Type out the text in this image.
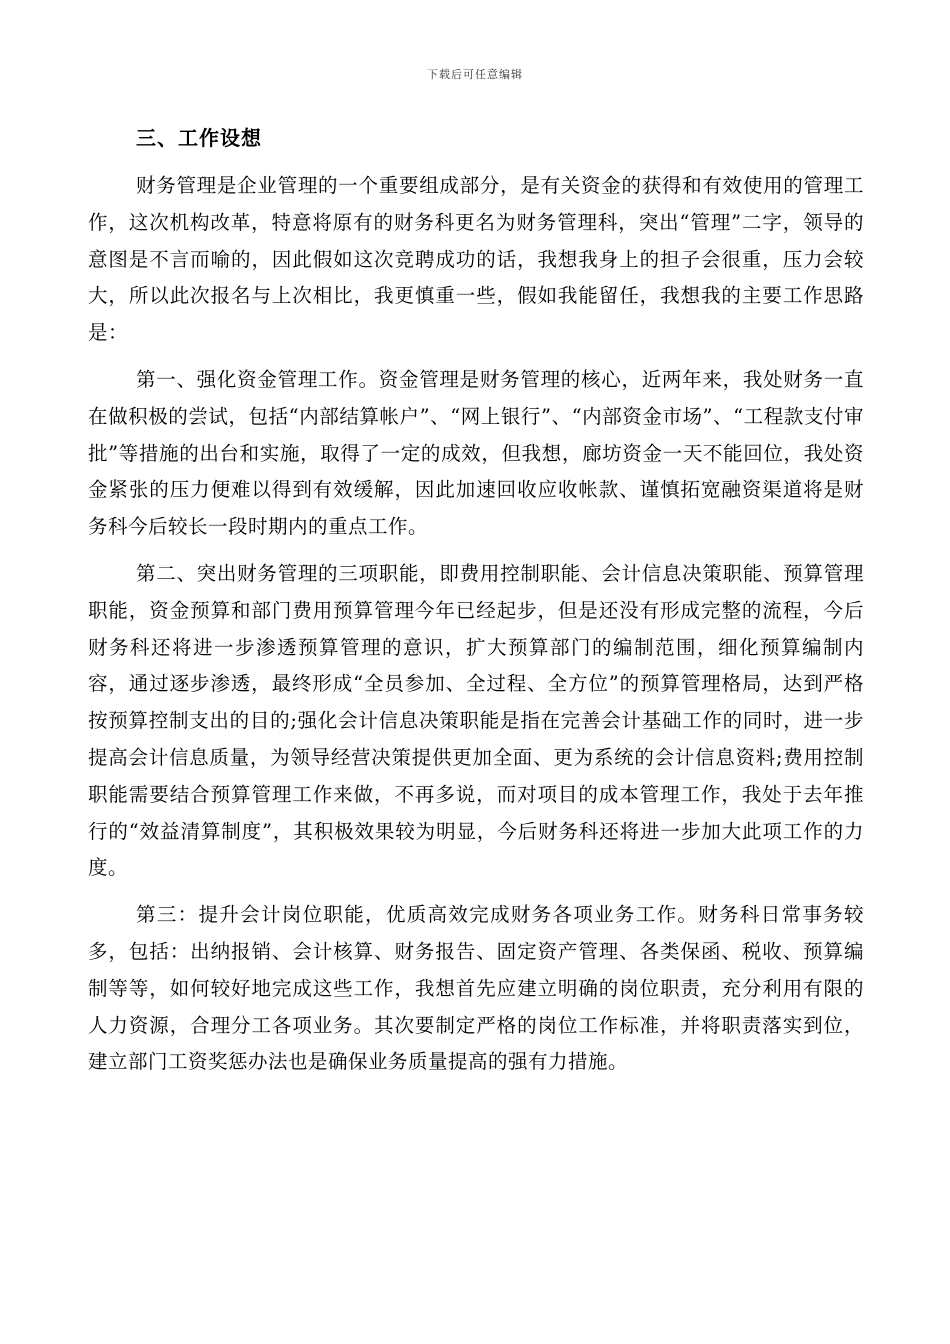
下载后可任意编辑
三、工作设想

财务管理是企业管理的一个重要组成部分，是有关资金的获得和有效使用的管理工作，这次机构改革，特意将原有的财务科更名为财务管理科，突出“管理”二字，领导的意图是不言而喻的，因此假如这次竞聘成功的话，我想我身上的担子会很重，压力会较大，所以此次报名与上次相比，我更慎重一些，假如我能留任，我想我的主要工作思路是：

第一、强化资金管理工作。资金管理是财务管理的核心，近两年来，我处财务一直在做积极的尝试，包括“内部结算帐户”、“网上银行”、“内部资金市场”、“工程款支付审批”等措施的出台和实施，取得了一定的成效，但我想，廊坊资金一天不能回位，我处资金紧张的压力便难以得到有效缓解，因此加速回收应收帐款、谨慎拓宽融资渠道将是财务科今后较长一段时期内的重点工作。

第二、突出财务管理的三项职能，即费用控制职能、会计信息决策职能、预算管理职能，资金预算和部门费用预算管理今年已经起步，但是还没有形成完整的流程，今后财务科还将进一步渗透预算管理的意识，扩大预算部门的编制范围，细化预算编制内容，通过逐步渗透，最终形成“全员参加、全过程、全方位”的预算管理格局，达到严格按预算控制支出的目的;强化会计信息决策职能是指在完善会计基础工作的同时，进一步提高会计信息质量，为领导经营决策提供更加全面、更为系统的会计信息资料;费用控制职能需要结合预算管理工作来做，不再多说，而对项目的成本管理工作，我处于去年推行的“效益清算制度”，其积极效果较为明显，今后财务科还将进一步加大此项工作的力度。

第三：提升会计岗位职能，优质高效完成财务各项业务工作。财务科日常事务较多，包括：出纳报销、会计核算、财务报告、固定资产管理、各类保函、税收、预算编制等等，如何较好地完成这些工作，我想首先应建立明确的岗位职责，充分利用有限的人力资源，合理分工各项业务。其次要制定严格的岗位工作标准，并将职责落实到位，建立部门工资奖惩办法也是确保业务质量提高的强有力措施。
